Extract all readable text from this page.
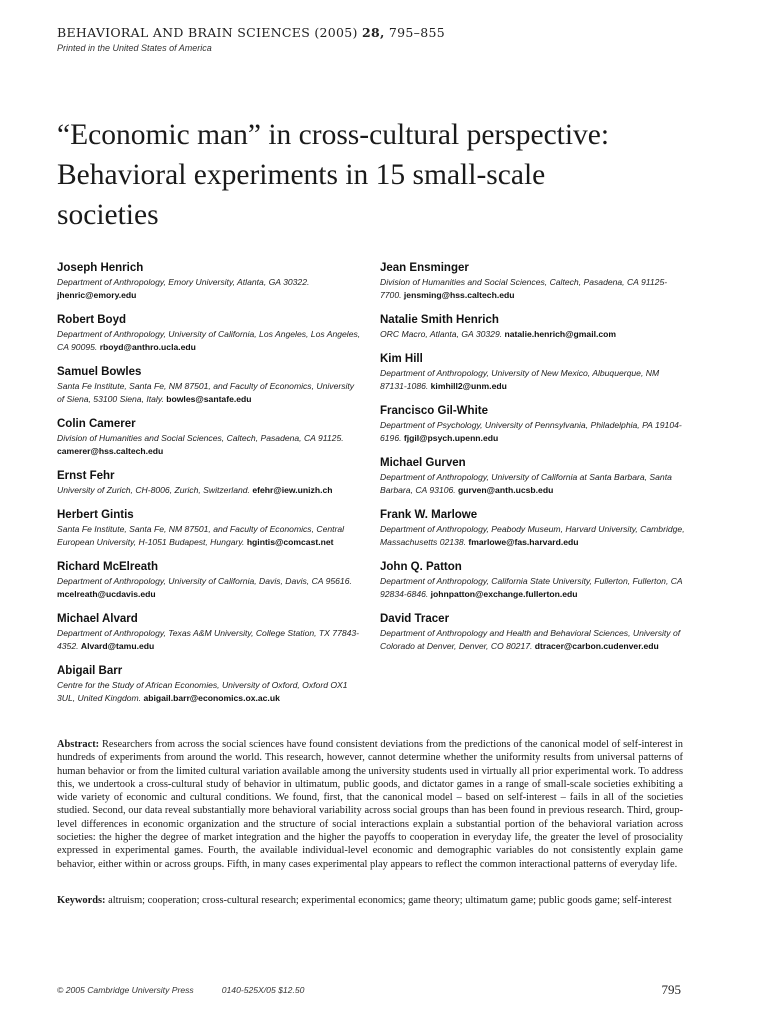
BEHAVIORAL AND BRAIN SCIENCES (2005) 28, 795–855
Printed in the United States of America
“Economic man” in cross-cultural perspective: Behavioral experiments in 15 small-scale societies
Joseph Henrich
Department of Anthropology, Emory University, Atlanta, GA 30322. jhenric@emory.edu
Robert Boyd
Department of Anthropology, University of California, Los Angeles, Los Angeles, CA 90095. rboyd@anthro.ucla.edu
Samuel Bowles
Santa Fe Institute, Santa Fe, NM 87501, and Faculty of Economics, University of Siena, 53100 Siena, Italy. bowles@santafe.edu
Colin Camerer
Division of Humanities and Social Sciences, Caltech, Pasadena, CA 91125. camerer@hss.caltech.edu
Ernst Fehr
University of Zurich, CH-8006, Zurich, Switzerland. efehr@iew.unizh.ch
Herbert Gintis
Santa Fe Institute, Santa Fe, NM 87501, and Faculty of Economics, Central European University, H-1051 Budapest, Hungary. hgintis@comcast.net
Richard McElreath
Department of Anthropology, University of California, Davis, Davis, CA 95616. mcelreath@ucdavis.edu
Michael Alvard
Department of Anthropology, Texas A&M University, College Station, TX 77843-4352. Alvard@tamu.edu
Abigail Barr
Centre for the Study of African Economies, University of Oxford, Oxford OX1 3UL, United Kingdom. abigail.barr@economics.ox.ac.uk
Jean Ensminger
Division of Humanities and Social Sciences, Caltech, Pasadena, CA 91125-7700. jensming@hss.caltech.edu
Natalie Smith Henrich
ORC Macro, Atlanta, GA 30329. natalie.henrich@gmail.com
Kim Hill
Department of Anthropology, University of New Mexico, Albuquerque, NM 87131-1086. kimhill2@unm.edu
Francisco Gil-White
Department of Psychology, University of Pennsylvania, Philadelphia, PA 19104-6196. fjgil@psych.upenn.edu
Michael Gurven
Department of Anthropology, University of California at Santa Barbara, Santa Barbara, CA 93106. gurven@anth.ucsb.edu
Frank W. Marlowe
Department of Anthropology, Peabody Museum, Harvard University, Cambridge, Massachusetts 02138. fmarlowe@fas.harvard.edu
John Q. Patton
Department of Anthropology, California State University, Fullerton, Fullerton, CA 92834-6846. johnpatton@exchange.fullerton.edu
David Tracer
Department of Anthropology and Health and Behavioral Sciences, University of Colorado at Denver, Denver, CO 80217. dtracer@carbon.cudenver.edu
Abstract: Researchers from across the social sciences have found consistent deviations from the predictions of the canonical model of self-interest in hundreds of experiments from around the world. This research, however, cannot determine whether the uniformity results from universal patterns of human behavior or from the limited cultural variation available among the university students used in virtually all prior experimental work. To address this, we undertook a cross-cultural study of behavior in ultimatum, public goods, and dictator games in a range of small-scale societies exhibiting a wide variety of economic and cultural conditions. We found, first, that the canonical model – based on self-interest – fails in all of the societies studied. Second, our data reveal substantially more behavioral variability across social groups than has been found in previous research. Third, group-level differences in economic organization and the structure of social interactions explain a substantial portion of the behavioral variation across societies: the higher the degree of market integration and the higher the payoffs to cooperation in everyday life, the greater the level of prosociality expressed in experimental games. Fourth, the available individual-level economic and demographic variables do not consistently explain game behavior, either within or across groups. Fifth, in many cases experimental play appears to reflect the common interactional patterns of everyday life.
Keywords: altruism; cooperation; cross-cultural research; experimental economics; game theory; ultimatum game; public goods game; self-interest
© 2005 Cambridge University Press	0140-525X/05 $12.50	795
